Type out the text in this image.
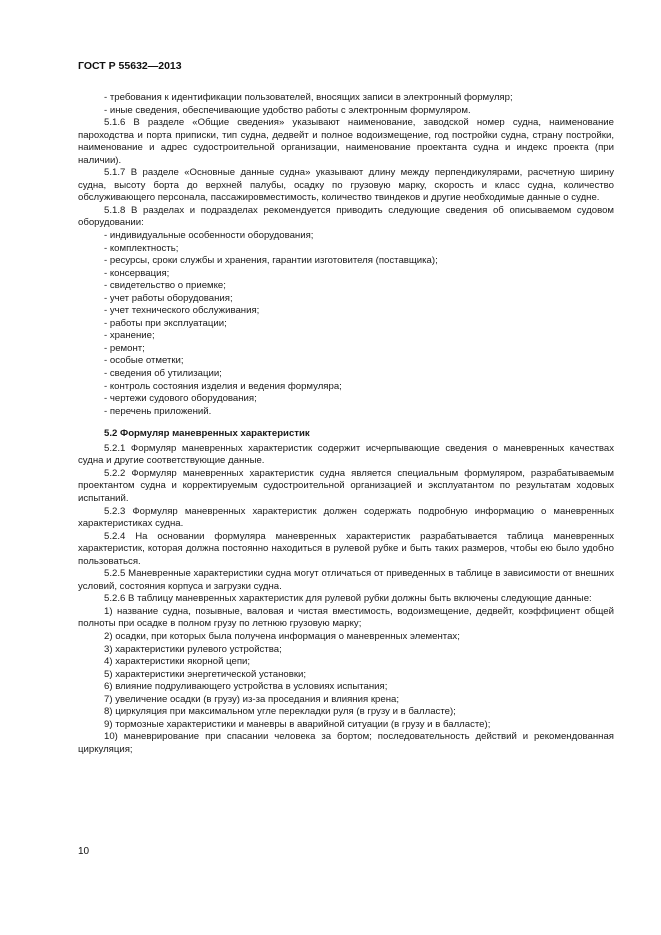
ГОСТ Р 55632—2013

- требования к идентификации пользователей, вносящих записи в электронный формуляр;

- иные сведения, обеспечивающие удобство работы с электронным формуляром.

5.1.6 В разделе «Общие сведения» указывают наименование, заводской номер судна, наименование пароходства и порта приписки, тип судна, дедвейт и полное водоизмещение, год постройки судна, страну постройки, наименование и адрес судостроительной организации, наименование проектанта судна и индекс проекта (при наличии).

5.1.7 В разделе «Основные данные судна» указывают длину между перпендикулярами, расчетную ширину судна, высоту борта до верхней палубы, осадку по грузовую марку, скорость и класс судна, количество обслуживающего персонала, пассажировместимость, количество твиндеков и другие необходимые данные о судне.

5.1.8 В разделах и подразделах рекомендуется приводить следующие сведения об описываемом судовом оборудовании:

- индивидуальные особенности оборудования;

- комплектность;

- ресурсы, сроки службы и хранения, гарантии изготовителя (поставщика);

- консервация;

- свидетельство о приемке;

- учет работы оборудования;

- учет технического обслуживания;

- работы при эксплуатации;

- хранение;

- ремонт;

- особые отметки;

- сведения об утилизации;

- контроль состояния изделия и ведения формуляра;

- чертежи судового оборудования;

- перечень приложений.

5.2 Формуляр маневренных характеристик

5.2.1 Формуляр маневренных характеристик содержит исчерпывающие сведения о маневренных качествах судна и другие соответствующие данные.

5.2.2 Формуляр маневренных характеристик судна является специальным формуляром, разрабатываемым проектантом судна и корректируемым судостроительной организацией и эксплуатантом по результатам ходовых испытаний.

5.2.3 Формуляр маневренных характеристик должен содержать подробную информацию о маневренных характеристиках судна.

5.2.4 На основании формуляра маневренных характеристик разрабатывается таблица маневренных характеристик, которая должна постоянно находиться в рулевой рубке и быть таких размеров, чтобы ею было удобно пользоваться.

5.2.5 Маневренные характеристики судна могут отличаться от приведенных в таблице в зависимости от внешних условий, состояния корпуса и загрузки судна.

5.2.6 В таблицу маневренных характеристик для рулевой рубки должны быть включены следующие данные:

1) название судна, позывные, валовая и чистая вместимость, водоизмещение, дедвейт, коэффициент общей полноты при осадке в полном грузу по летнюю грузовую марку;

2) осадки, при которых была получена информация о маневренных элементах;

3) характеристики рулевого устройства;

4) характеристики якорной цепи;

5) характеристики энергетической установки;

6) влияние подруливающего устройства в условиях испытания;

7) увеличение осадки (в грузу) из-за проседания и влияния крена;

8) циркуляция при максимальном угле перекладки руля (в грузу и в балласте);

9) тормозные характеристики и маневры в аварийной ситуации (в грузу и в балласте);

10) маневрирование при спасании человека за бортом; последовательность действий и рекомендованная циркуляция;

10
